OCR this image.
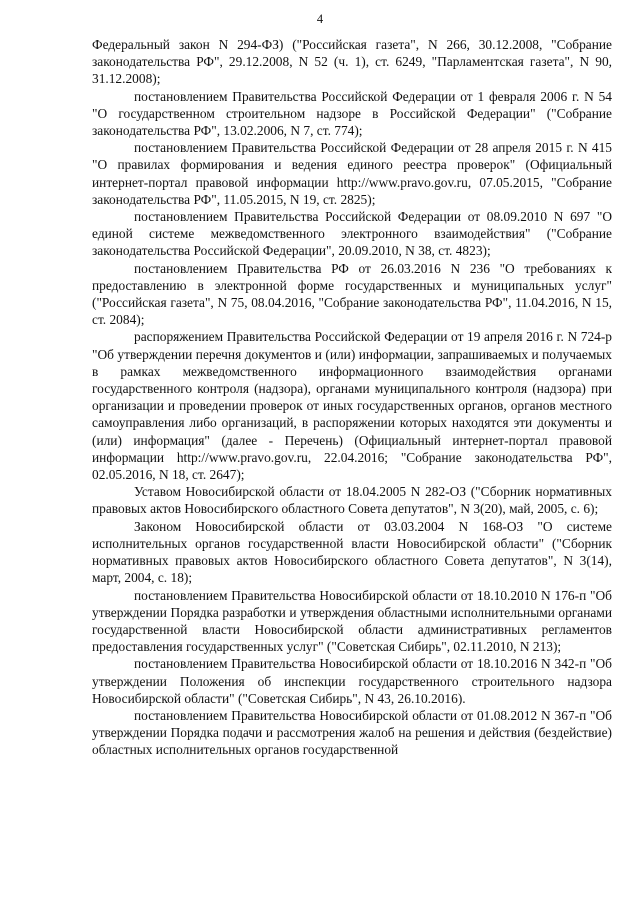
4

Федеральный закон N 294-ФЗ) ("Российская газета", N 266, 30.12.2008, "Собрание законодательства РФ", 29.12.2008, N 52 (ч. 1), ст. 6249, "Парламентская газета", N 90, 31.12.2008);

постановлением Правительства Российской Федерации от 1 февраля 2006 г. N 54 "О государственном строительном надзоре в Российской Федерации" ("Собрание законодательства РФ", 13.02.2006, N 7, ст. 774);

постановлением Правительства Российской Федерации от 28 апреля 2015 г. N 415 "О правилах формирования и ведения единого реестра проверок" (Официальный интернет-портал правовой информации http://www.pravo.gov.ru, 07.05.2015, "Собрание законодательства РФ", 11.05.2015, N 19, ст. 2825);

постановлением Правительства Российской Федерации от 08.09.2010 N 697 "О единой системе межведомственного электронного взаимодействия" ("Собрание законодательства Российской Федерации", 20.09.2010, N 38, ст. 4823);

постановлением Правительства РФ от 26.03.2016 N 236 "О требованиях к предоставлению в электронной форме государственных и муниципальных услуг" ("Российская газета", N 75, 08.04.2016, "Собрание законодательства РФ", 11.04.2016, N 15, ст. 2084);

распоряжением Правительства Российской Федерации от 19 апреля 2016 г. N 724-р "Об утверждении перечня документов и (или) информации, запрашиваемых и получаемых в рамках межведомственного информационного взаимодействия органами государственного контроля (надзора), органами муниципального контроля (надзора) при организации и проведении проверок от иных государственных органов, органов местного самоуправления либо организаций, в распоряжении которых находятся эти документы и (или) информация" (далее - Перечень) (Официальный интернет-портал правовой информации http://www.pravo.gov.ru, 22.04.2016; "Собрание законодательства РФ", 02.05.2016, N 18, ст. 2647);

Уставом Новосибирской области от 18.04.2005 N 282-ОЗ ("Сборник нормативных правовых актов Новосибирского областного Совета депутатов", N 3(20), май, 2005, с. 6);

Законом Новосибирской области от 03.03.2004 N 168-ОЗ "О системе исполнительных органов государственной власти Новосибирской области" ("Сборник нормативных правовых актов Новосибирского областного Совета депутатов", N 3(14), март, 2004, с. 18);

постановлением Правительства Новосибирской области от 18.10.2010 N 176-п "Об утверждении Порядка разработки и утверждения областными исполнительными органами государственной власти Новосибирской области административных регламентов предоставления государственных услуг" ("Советская Сибирь", 02.11.2010, N 213);

постановлением Правительства Новосибирской области от 18.10.2016 N 342-п "Об утверждении Положения об инспекции государственного строительного надзора Новосибирской области" ("Советская Сибирь", N 43, 26.10.2016).

постановлением Правительства Новосибирской области от 01.08.2012 N 367-п "Об утверждении Порядка подачи и рассмотрения жалоб на решения и действия (бездействие) областных исполнительных органов государственной
